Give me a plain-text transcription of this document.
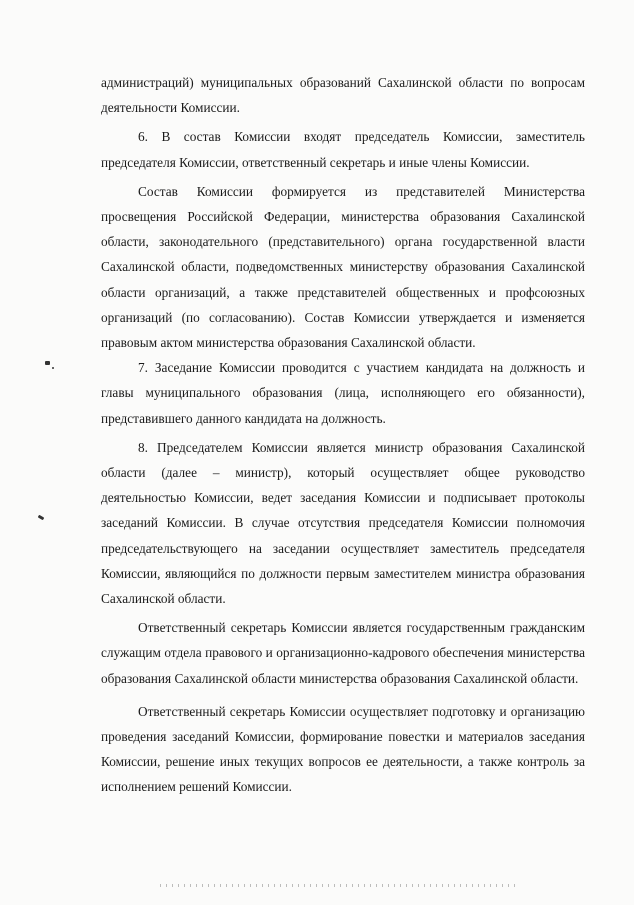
администраций) муниципальных образований Сахалинской области по вопросам деятельности Комиссии.

6. В состав Комиссии входят председатель Комиссии, заместитель председателя Комиссии, ответственный секретарь и иные члены Комиссии.

Состав Комиссии формируется из представителей Министерства просвещения Российской Федерации, министерства образования Сахалинской области, законодательного (представительного) органа государственной власти Сахалинской области, подведомственных министерству образования Сахалинской области организаций, а также представителей общественных и профсоюзных организаций (по согласованию). Состав Комиссии утверждается и изменяется правовым актом министерства образования Сахалинской области.

7. Заседание Комиссии проводится с участием кандидата на должность и главы муниципального образования (лица, исполняющего его обязанности), представившего данного кандидата на должность.

8. Председателем Комиссии является министр образования Сахалинской области (далее – министр), который осуществляет общее руководство деятельностью Комиссии, ведет заседания Комиссии и подписывает протоколы заседаний Комиссии. В случае отсутствия председателя Комиссии полномочия председательствующего на заседании осуществляет заместитель председателя Комиссии, являющийся по должности первым заместителем министра образования Сахалинской области.

Ответственный секретарь Комиссии является государственным гражданским служащим отдела правового и организационно-кадрового обеспечения министерства образования Сахалинской области министерства образования Сахалинской области.

Ответственный секретарь Комиссии осуществляет подготовку и организацию проведения заседаний Комиссии, формирование повестки и материалов заседания Комиссии, решение иных текущих вопросов ее деятельности, а также контроль за исполнением решений Комиссии.
